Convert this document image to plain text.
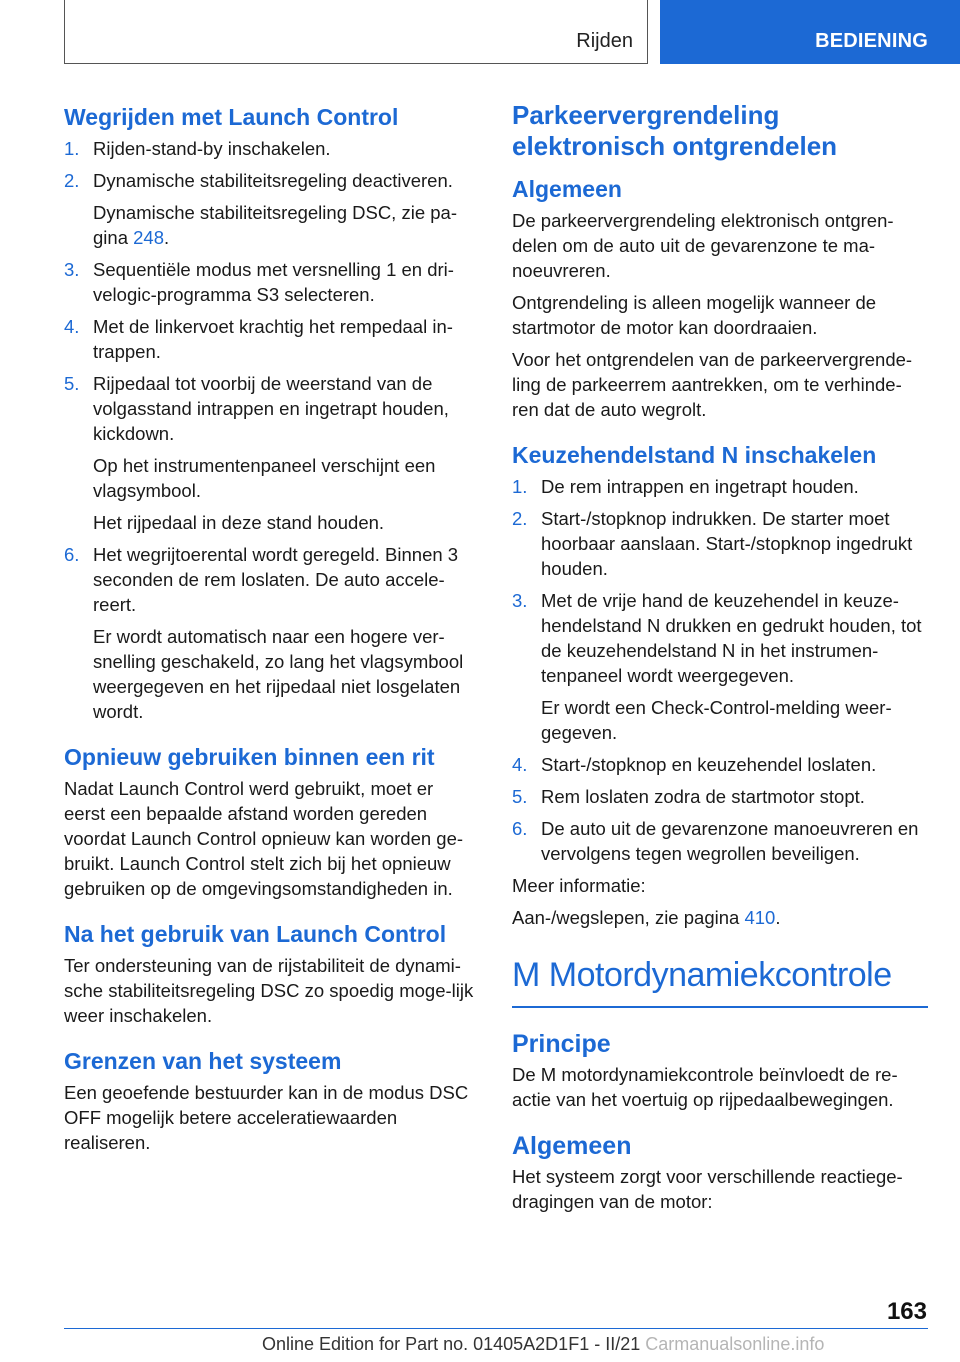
Rijden	BEDIENING
Wegrijden met Launch Control
1. Rijden-stand-by inschakelen.
2. Dynamische stabiliteitsregeling deactiveren.

Dynamische stabiliteitsregeling DSC, zie pa‐gina 248.

3. Sequentiële modus met versnelling 1 en dri‐velogic-programma S3 selecteren.
4. Met de linkervoet krachtig het rempedaal in‐trappen.
5. Rijpedaal tot voorbij de weerstand van de volgasstand intrappen en ingetrapt houden, kickdown.

Op het instrumentenpaneel verschijnt een vlagsymbool.

Het rijpedaal in deze stand houden.

6. Het wegrijtoerental wordt geregeld. Binnen 3 seconden de rem loslaten. De auto accele‐reert.

Er wordt automatisch naar een hogere ver‐snelling geschakeld, zo lang het vlagsymbool weergegeven en het rijpedaal niet losgelaten wordt.

Opnieuw gebruiken binnen een rit

Nadat Launch Control werd gebruikt, moet er eerst een bepaalde afstand worden gereden voordat Launch Control opnieuw kan worden ge‐bruikt. Launch Control stelt zich bij het opnieuw gebruiken op de omgevingsomstandigheden in.

Na het gebruik van Launch Control

Ter ondersteuning van de rijstabiliteit de dynami‐sche stabiliteitsregeling DSC zo spoedig moge‐lijk weer inschakelen.

Grenzen van het systeem

Een geoefende bestuurder kan in de modus DSC OFF mogelijk betere acceleratiewaarden realiseren.

Parkeervergrendeling elektronisch ontgrendelen
Algemeen

De parkeervergrendeling elektronisch ontgren‐delen om de auto uit de gevarenzone te ma‐noeuvreren.

Ontgrendeling is alleen mogelijk wanneer de startmotor de motor kan doordraaien.

Voor het ontgrendelen van de parkeervergrende‐ling de parkeerrem aantrekken, om te verhinde‐ren dat de auto wegrolt.

Keuzehendelstand N inschakelen
1. De rem intrappen en ingetrapt houden.
2. Start-/stopknop indrukken. De starter moet hoorbaar aanslaan. Start-/stopknop ingedrukt houden.
3. Met de vrije hand de keuzehendel in keuze‐hendelstand N drukken en gedrukt houden, tot de keuzehendelstand N in het instrumen‐tenpaneel wordt weergegeven.

Er wordt een Check-Control-melding weer‐gegeven.

4. Start-/stopknop en keuzehendel loslaten.
5. Rem loslaten zodra de startmotor stopt.
6. De auto uit de gevarenzone manoeuvreren en vervolgens tegen wegrollen beveiligen.

Meer informatie:

Aan-/wegslepen, zie pagina 410.

M Motordynamiekcontrole
Principe

De M motordynamiekcontrole beïnvloedt de re‐actie van het voertuig op rijpedaalbewegingen.

Algemeen

Het systeem zorgt voor verschillende reactiege‐dragingen van de motor:

163
Online Edition for Part no. 01405A2D1F1 - II/21 Carmanualsonline.info
